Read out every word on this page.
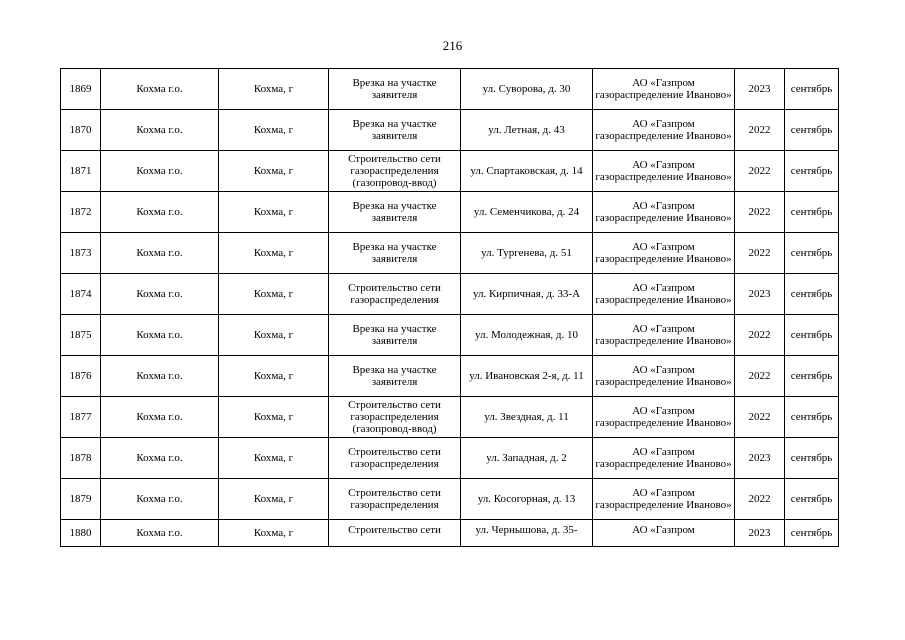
216
1869	Кохма г.о.	Кохма, г	Врезка на участке заявителя	ул. Суворова, д. 30	АО «Газпром газораспределение Иваново»	2023	сентябрь
1870	Кохма г.о.	Кохма, г	Врезка на участке заявителя	ул. Летная, д. 43	АО «Газпром газораспределение Иваново»	2022	сентябрь
1871	Кохма г.о.	Кохма, г	Строительство сети газораспределения (газопровод-ввод)	ул. Спартаковская, д. 14	АО «Газпром газораспределение Иваново»	2022	сентябрь
1872	Кохма г.о.	Кохма, г	Врезка на участке заявителя	ул. Семенчикова, д. 24	АО «Газпром газораспределение Иваново»	2022	сентябрь
1873	Кохма г.о.	Кохма, г	Врезка на участке заявителя	ул. Тургенева, д. 51	АО «Газпром газораспределение Иваново»	2022	сентябрь
1874	Кохма г.о.	Кохма, г	Строительство сети газораспределения	ул. Кирпичная, д. 33-А	АО «Газпром газораспределение Иваново»	2023	сентябрь
1875	Кохма г.о.	Кохма, г	Врезка на участке заявителя	ул. Молодежная, д. 10	АО «Газпром газораспределение Иваново»	2022	сентябрь
1876	Кохма г.о.	Кохма, г	Врезка на участке заявителя	ул. Ивановская 2-я, д. 11	АО «Газпром газораспределение Иваново»	2022	сентябрь
1877	Кохма г.о.	Кохма, г	Строительство сети газораспределения (газопровод-ввод)	ул. Звездная, д. 11	АО «Газпром газораспределение Иваново»	2022	сентябрь
1878	Кохма г.о.	Кохма, г	Строительство сети газораспределения	ул. Западная, д. 2	АО «Газпром газораспределение Иваново»	2023	сентябрь
1879	Кохма г.о.	Кохма, г	Строительство сети газораспределения	ул. Косогорная, д. 13	АО «Газпром газораспределение Иваново»	2022	сентябрь
1880	Кохма г.о.	Кохма, г	Строительство сети	ул. Чернышова, д. 35-	АО «Газпром	2023	сентябрь
